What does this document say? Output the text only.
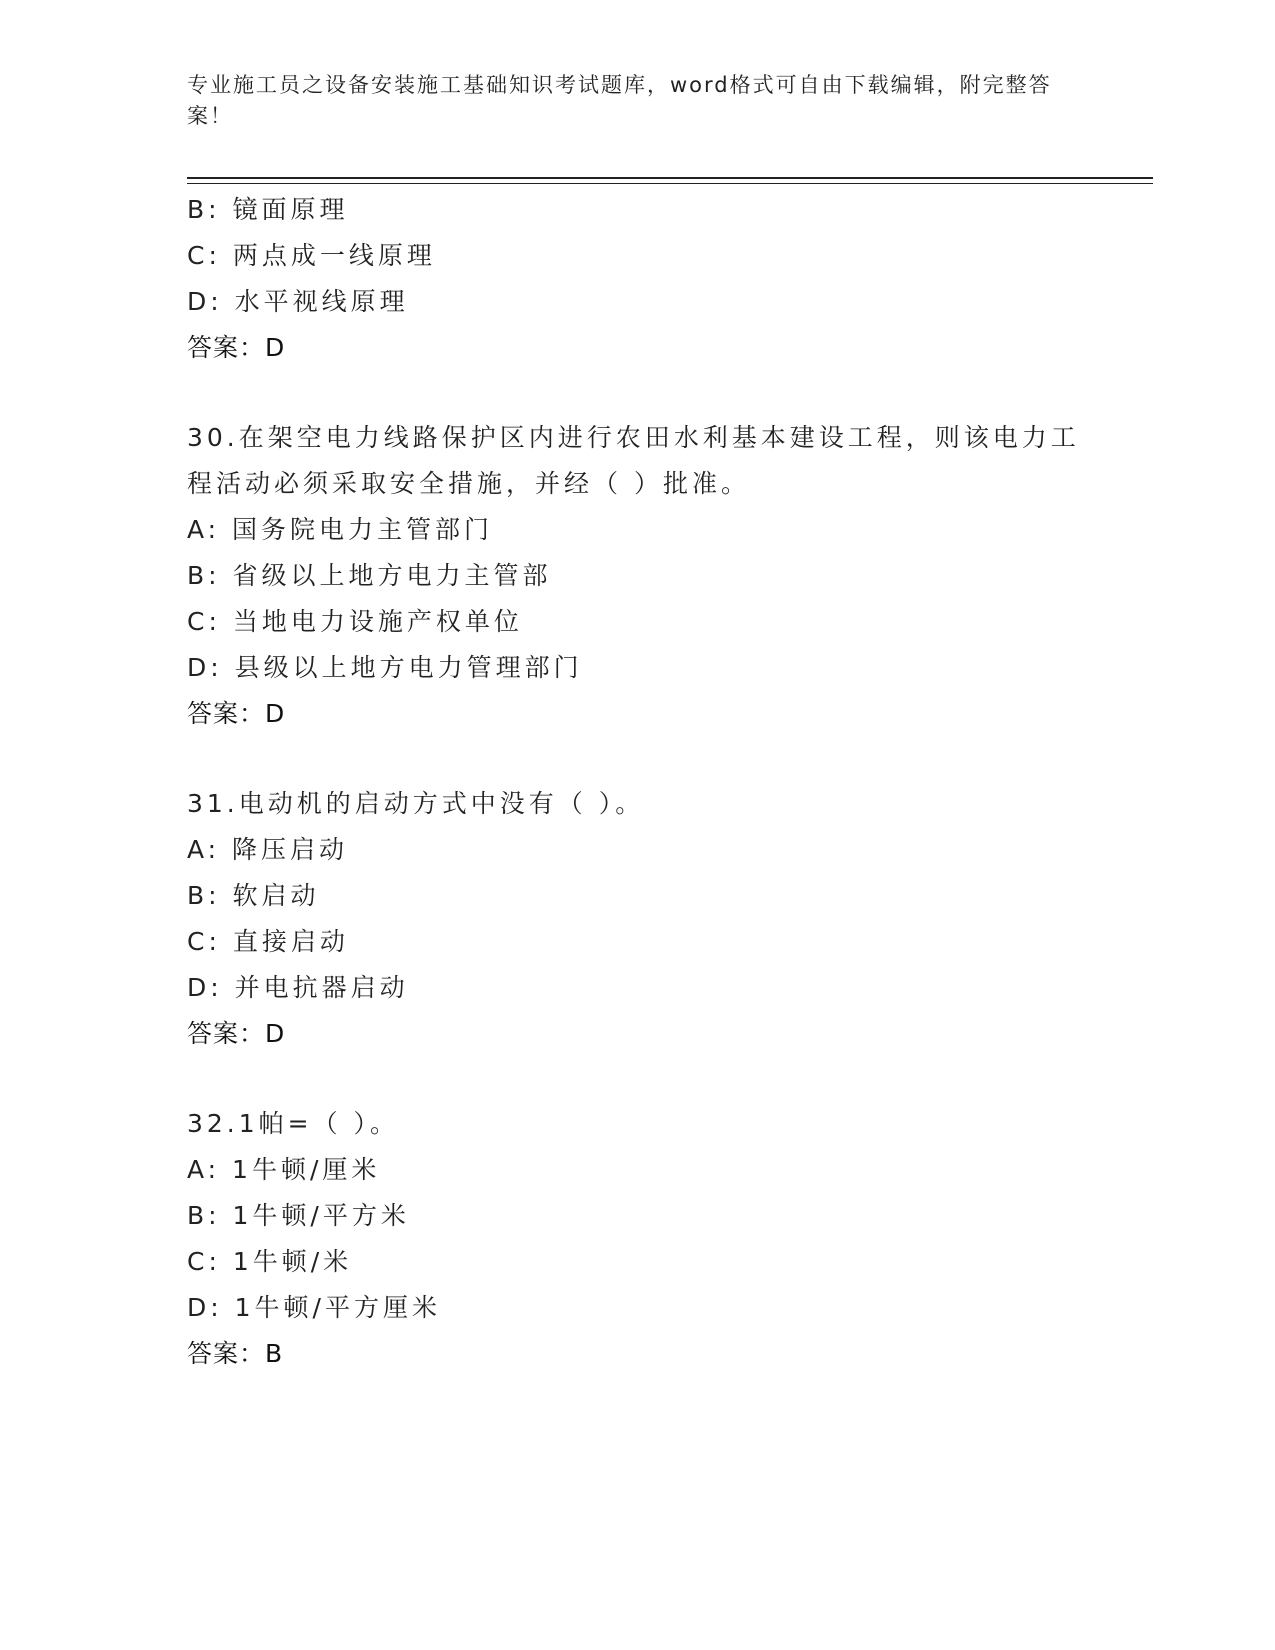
专业施工员之设备安装施工基础知识考试题库，word格式可自由下载编辑，附完整答案！
B: 镜面原理
C: 两点成一线原理
D: 水平视线原理
答案：D
30.在架空电力线路保护区内进行农田水利基本建设工程，则该电力工
程活动必须采取安全措施，并经（ ）批准。
A: 国务院电力主管部门
B: 省级以上地方电力主管部
C: 当地电力设施产权单位
D: 县级以上地方电力管理部门
答案：D
31.电动机的启动方式中没有（ ）。
A: 降压启动
B: 软启动
C: 直接启动
D: 并电抗器启动
答案：D
32.1帕=（ ）。
A: 1牛顿/厘米
B: 1牛顿/平方米
C: 1牛顿/米
D: 1牛顿/平方厘米
答案：B
